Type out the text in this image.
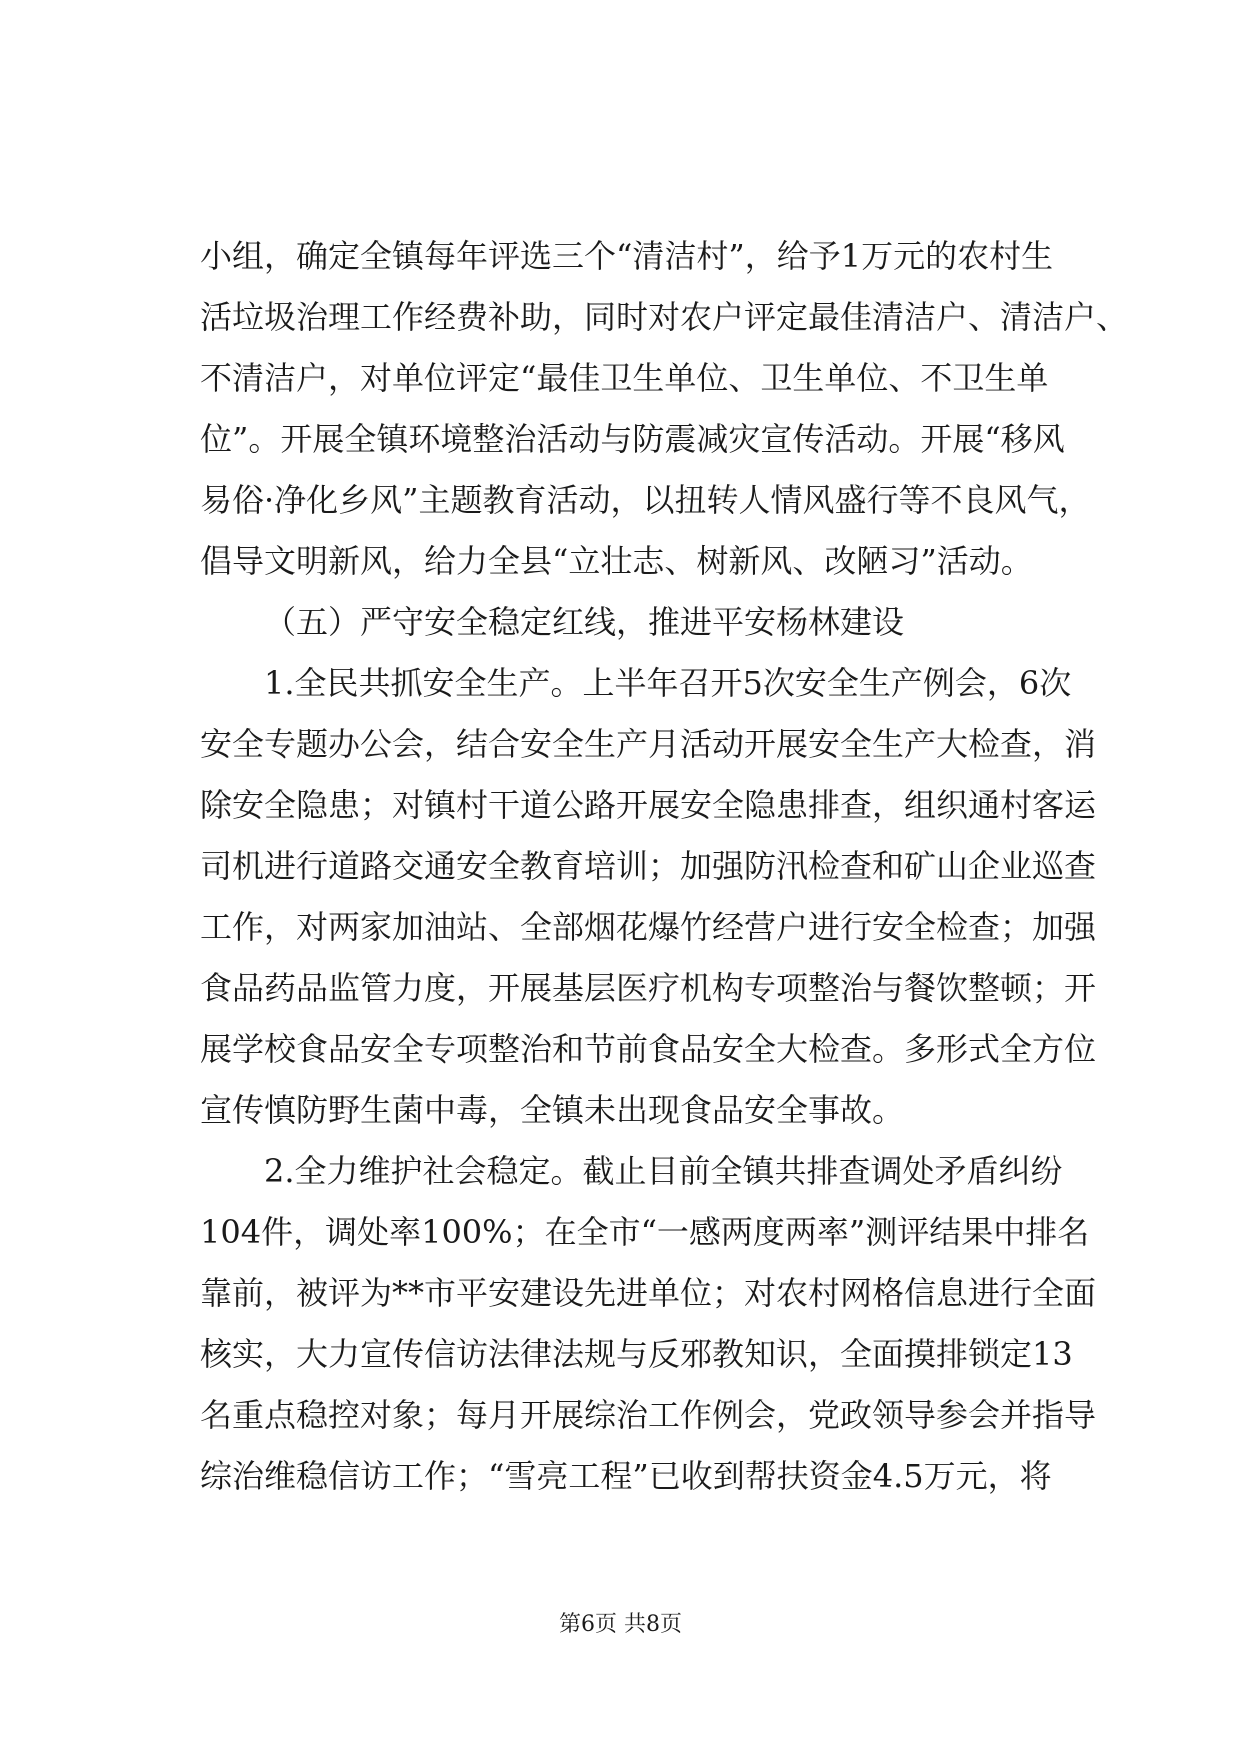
小组，确定全镇每年评选三个“清洁村”，给予1万元的农村生
活垃圾治理工作经费补助，同时对农户评定最佳清洁户、清洁户、
不清洁户，对单位评定“最佳卫生单位、卫生单位、不卫生单
位”。开展全镇环境整治活动与防震减灾宣传活动。开展“移风
易俗·净化乡风”主题教育活动，以扭转人情风盛行等不良风气，
倡导文明新风，给力全县“立壮志、树新风、改陋习”活动。
（五）严守安全稳定红线，推进平安杨林建设
1.全民共抓安全生产。上半年召开5次安全生产例会，6次
安全专题办公会，结合安全生产月活动开展安全生产大检查，消
除安全隐患；对镇村干道公路开展安全隐患排查，组织通村客运
司机进行道路交通安全教育培训；加强防汛检查和矿山企业巡查
工作，对两家加油站、全部烟花爆竹经营户进行安全检查；加强
食品药品监管力度，开展基层医疗机构专项整治与餐饮整顿；开
展学校食品安全专项整治和节前食品安全大检查。多形式全方位
宣传慎防野生菌中毒，全镇未出现食品安全事故。
2.全力维护社会稳定。截止目前全镇共排查调处矛盾纠纷
104件，调处率100%；在全市“一感两度两率”测评结果中排名
靠前，被评为**市平安建设先进单位；对农村网格信息进行全面
核实，大力宣传信访法律法规与反邪教知识，全面摸排锁定13
名重点稳控对象；每月开展综治工作例会，党政领导参会并指导
综治维稳信访工作；“雪亮工程”已收到帮扶资金4.5万元，将
第6页 共8页
